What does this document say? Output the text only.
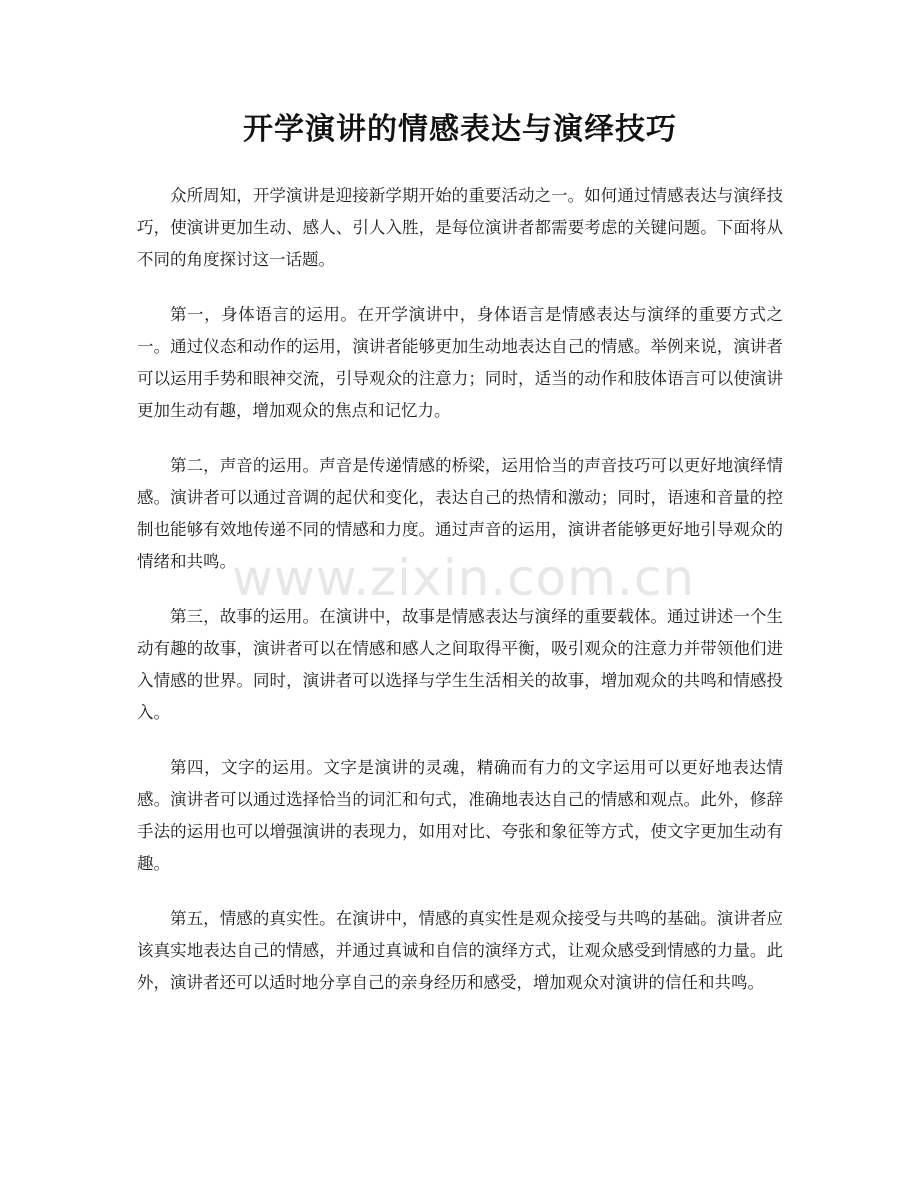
开学演讲的情感表达与演绎技巧

众所周知，开学演讲是迎接新学期开始的重要活动之一。如何通过情感表达与演绎技巧，使演讲更加生动、感人、引人入胜，是每位演讲者都需要考虑的关键问题。下面将从不同的角度探讨这一话题。

第一，身体语言的运用。在开学演讲中，身体语言是情感表达与演绎的重要方式之一。通过仪态和动作的运用，演讲者能够更加生动地表达自己的情感。举例来说，演讲者可以运用手势和眼神交流，引导观众的注意力；同时，适当的动作和肢体语言可以使演讲更加生动有趣，增加观众的焦点和记忆力。

第二，声音的运用。声音是传递情感的桥梁，运用恰当的声音技巧可以更好地演绎情感。演讲者可以通过音调的起伏和变化，表达自己的热情和激动；同时，语速和音量的控制也能够有效地传递不同的情感和力度。通过声音的运用，演讲者能够更好地引导观众的情绪和共鸣。

第三，故事的运用。在演讲中，故事是情感表达与演绎的重要载体。通过讲述一个生动有趣的故事，演讲者可以在情感和感人之间取得平衡，吸引观众的注意力并带领他们进入情感的世界。同时，演讲者可以选择与学生生活相关的故事，增加观众的共鸣和情感投入。

第四，文字的运用。文字是演讲的灵魂，精确而有力的文字运用可以更好地表达情感。演讲者可以通过选择恰当的词汇和句式，准确地表达自己的情感和观点。此外，修辞手法的运用也可以增强演讲的表现力，如用对比、夸张和象征等方式，使文字更加生动有趣。

第五，情感的真实性。在演讲中，情感的真实性是观众接受与共鸣的基础。演讲者应该真实地表达自己的情感，并通过真诚和自信的演绎方式，让观众感受到情感的力量。此外，演讲者还可以适时地分享自己的亲身经历和感受，增加观众对演讲的信任和共鸣。

www.zixin.com.cn
